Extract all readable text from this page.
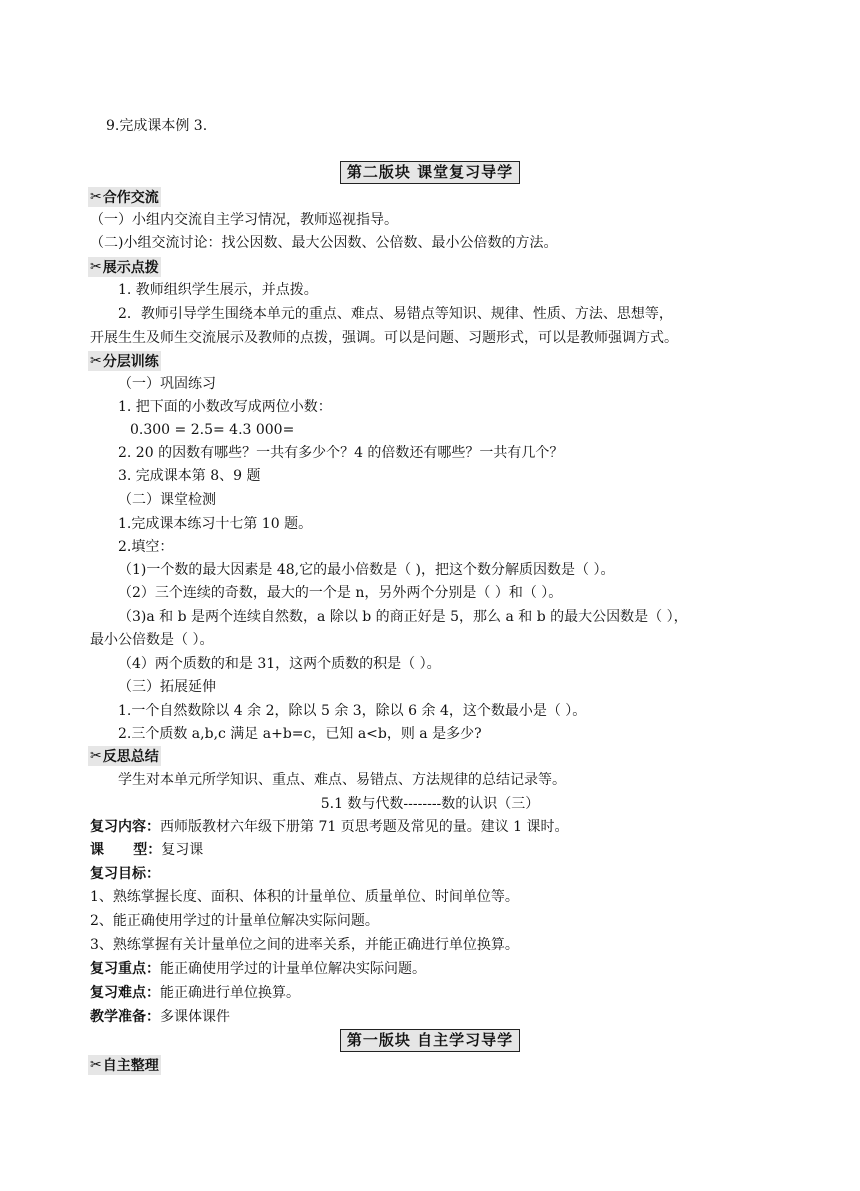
9.完成课本例 3.
第二版块 课堂复习导学
✂ 合作交流
（一）小组内交流自主学习情况，教师巡视指导。
（二)小组交流讨论：找公因数、最大公因数、公倍数、最小公倍数的方法。
✂ 展示点拨
1. 教师组织学生展示，并点拨。
2．教师引导学生围绕本单元的重点、难点、易错点等知识、规律、性质、方法、思想等，
开展生生及师生交流展示及教师的点拨，强调。可以是问题、习题形式，可以是教师强调方式。
✂ 分层训练
（一）巩固练习
1. 把下面的小数改写成两位小数：
0.300 = 2.5= 4.3 000=
2. 20 的因数有哪些？一共有多少个？4 的倍数还有哪些？一共有几个？
3. 完成课本第 8、9 题
（二）课堂检测
1.完成课本练习十七第 10 题。
2.填空：
（1)一个数的最大因素是 48,它的最小倍数是（ )，把这个数分解质因数是（ ）。
（2）三个连续的奇数，最大的一个是 n，另外两个分别是（ ）和（ ）。
（3)a 和 b 是两个连续自然数，a 除以 b 的商正好是 5，那么 a 和 b 的最大公因数是（ ），
最小公倍数是（ ）。
（4）两个质数的和是 31，这两个质数的积是（ ）。
（三）拓展延伸
1.一个自然数除以 4 余 2，除以 5 余 3，除以 6 余 4，这个数最小是（ ）。
2.三个质数 a,b,c 满足 a+b=c，已知 a<b，则 a 是多少?
✂ 反思总结
学生对本单元所学知识、重点、难点、易错点、方法规律的总结记录等。
5.1 数与代数--------数的认识（三）
复习内容：西师版教材六年级下册第 71 页思考题及常见的量。建议 1 课时。
课      型：复习课
复习目标：
1、熟练掌握长度、面积、体积的计量单位、质量单位、时间单位等。
2、能正确使用学过的计量单位解决实际问题。
3、熟练掌握有关计量单位之间的进率关系，并能正确进行单位换算。
复习重点：能正确使用学过的计量单位解决实际问题。
复习难点：能正确进行单位换算。
教学准备：多课体课件
第一版块 自主学习导学
✂ 自主整理
